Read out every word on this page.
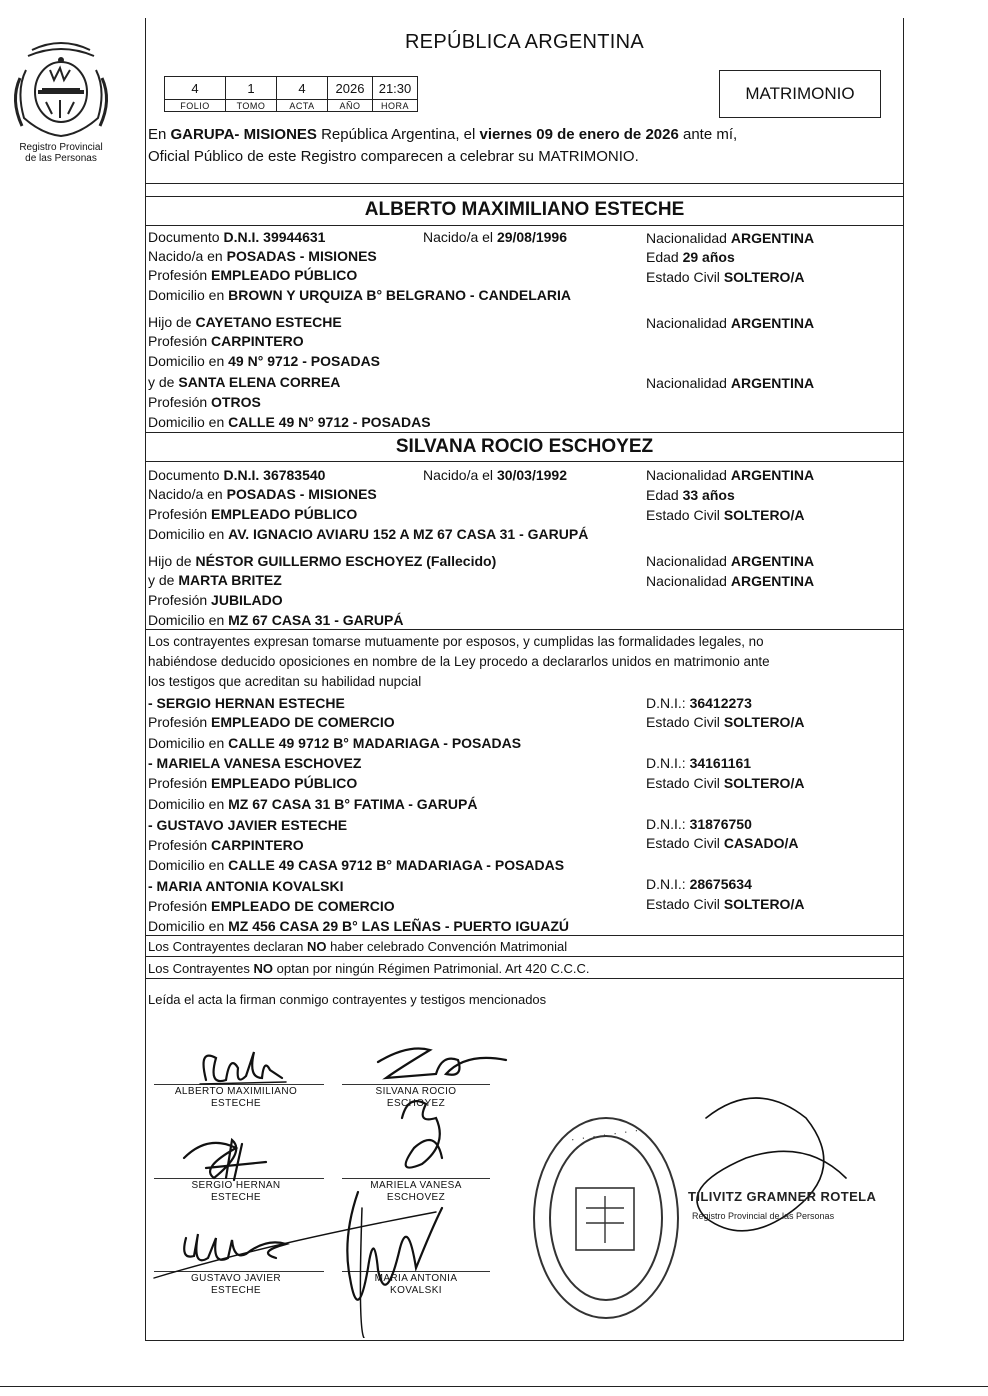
Registro Provincial
de las Personas
REPÚBLICA ARGENTINA
4	1	4	2026	21:30
FOLIO	TOMO	ACTA	AÑO	HORA
MATRIMONIO
En GARUPA- MISIONES República Argentina, el viernes 09 de enero de 2026 ante mí,
Oficial Público de este Registro comparecen a celebrar su MATRIMONIO.
ALBERTO MAXIMILIANO ESTECHE
Documento D.N.I. 39944631	Nacido/a el 29/08/1996	Nacionalidad ARGENTINA
Nacido/a en POSADAS - MISIONES	Edad 29 años
Profesión EMPLEADO PÚBLICO	Estado Civil SOLTERO/A
Domicilio en BROWN Y URQUIZA B° BELGRANO - CANDELARIA
Hijo de CAYETANO ESTECHE	Nacionalidad ARGENTINA
Profesión CARPINTERO
Domicilio en 49 N° 9712 - POSADAS
y de SANTA ELENA CORREA	Nacionalidad ARGENTINA
Profesión OTROS
Domicilio en CALLE 49 N° 9712 - POSADAS
SILVANA ROCIO ESCHOYEZ
Documento D.N.I. 36783540	Nacido/a el 30/03/1992	Nacionalidad ARGENTINA
Nacido/a en POSADAS - MISIONES	Edad 33 años
Profesión EMPLEADO PÚBLICO	Estado Civil SOLTERO/A
Domicilio en AV. IGNACIO AVIARU 152 A MZ 67 CASA 31 - GARUPÁ
Hijo de NÉSTOR GUILLERMO ESCHOYEZ (Fallecido)	Nacionalidad ARGENTINA
y de MARTA BRITEZ	Nacionalidad ARGENTINA
Profesión JUBILADO
Domicilio en MZ 67 CASA 31 - GARUPÁ
Los contrayentes expresan tomarse mutuamente por esposos, y cumplidas las formalidades legales, no
habiéndose deducido oposiciones en nombre de la Ley procedo a declararlos unidos en matrimonio ante
los testigos que acreditan su habilidad nupcial
- SERGIO HERNAN ESTECHE	D.N.I.: 36412273
Profesión EMPLEADO DE COMERCIO	Estado Civil SOLTERO/A
Domicilio en CALLE 49 9712 B° MADARIAGA - POSADAS
- MARIELA VANESA ESCHOVEZ	D.N.I.: 34161161
Profesión EMPLEADO PÚBLICO	Estado Civil SOLTERO/A
Domicilio en MZ 67 CASA 31 B° FATIMA - GARUPÁ
- GUSTAVO JAVIER ESTECHE	D.N.I.: 31876750
Profesión CARPINTERO	Estado Civil CASADO/A
Domicilio en CALLE 49 CASA 9712 B° MADARIAGA - POSADAS
- MARIA ANTONIA KOVALSKI	D.N.I.: 28675634
Profesión EMPLEADO DE COMERCIO	Estado Civil SOLTERO/A
Domicilio en MZ 456 CASA 29 B° LAS LEÑAS - PUERTO IGUAZÚ
Los Contrayentes declaran NO haber celebrado Convención Matrimonial
Los Contrayentes NO optan por ningún Régimen Patrimonial. Art 420 C.C.C.
Leída el acta la firman conmigo contrayentes y testigos mencionados
ALBERTO MAXIMILIANO
ESTECHE
SILVANA ROCIO
ESCHOYEZ
SERGIO HERNAN
ESTECHE
MARIELA VANESA
ESCHOVEZ
GUSTAVO JAVIER
ESTECHE
MARIA ANTONIA
KOVALSKI
· · · · · · ·
TILIVITZ GRAMNER ROTELA
Registro Provincial de las Personas
